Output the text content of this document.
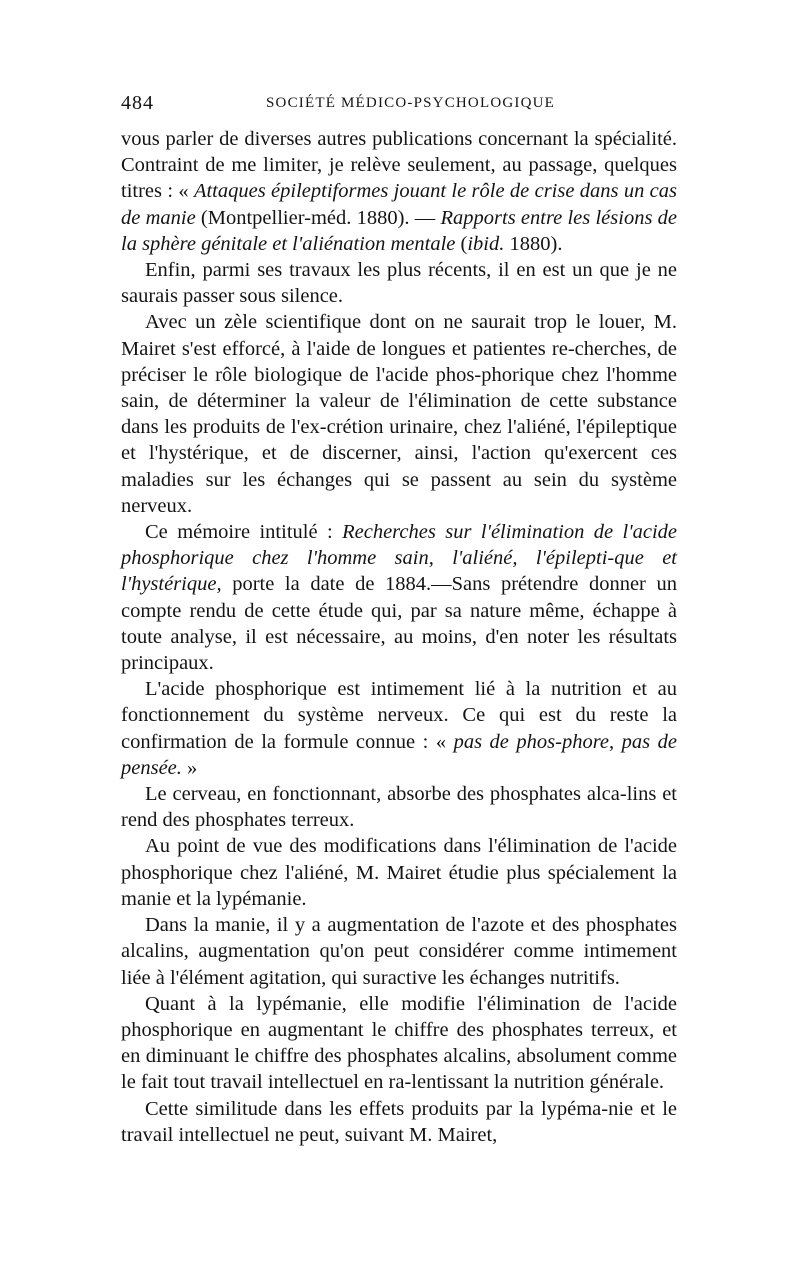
484	SOCIÉTÉ MÉDICO-PSYCHOLOGIQUE

vous parler de diverses autres publications concernant la spécialité. Contraint de me limiter, je relève seulement, au passage, quelques titres : « Attaques épileptiformes jouant le rôle de crise dans un cas de manie (Montpellier-méd. 1880). — Rapports entre les lésions de la sphère génitale et l'aliénation mentale (ibid. 1880).

Enfin, parmi ses travaux les plus récents, il en est un que je ne saurais passer sous silence.

Avec un zèle scientifique dont on ne saurait trop le louer, M. Mairet s'est efforcé, à l'aide de longues et patientes re-cherches, de préciser le rôle biologique de l'acide phos-phorique chez l'homme sain, de déterminer la valeur de l'élimination de cette substance dans les produits de l'ex-crétion urinaire, chez l'aliéné, l'épileptique et l'hystérique, et de discerner, ainsi, l'action qu'exercent ces maladies sur les échanges qui se passent au sein du système nerveux.

Ce mémoire intitulé : Recherches sur l'élimination de l'acide phosphorique chez l'homme sain, l'aliéné, l'épilepti-que et l'hystérique, porte la date de 1884.—Sans prétendre donner un compte rendu de cette étude qui, par sa nature même, échappe à toute analyse, il est nécessaire, au moins, d'en noter les résultats principaux.

L'acide phosphorique est intimement lié à la nutrition et au fonctionnement du système nerveux. Ce qui est du reste la confirmation de la formule connue : « pas de phos-phore, pas de pensée. »

Le cerveau, en fonctionnant, absorbe des phosphates alca-lins et rend des phosphates terreux.

Au point de vue des modifications dans l'élimination de l'acide phosphorique chez l'aliéné, M. Mairet étudie plus spécialement la manie et la lypémanie.

Dans la manie, il y a augmentation de l'azote et des phosphates alcalins, augmentation qu'on peut considérer comme intimement liée à l'élément agitation, qui suractive les échanges nutritifs.

Quant à la lypémanie, elle modifie l'élimination de l'acide phosphorique en augmentant le chiffre des phosphates terreux, et en diminuant le chiffre des phosphates alcalins, absolument comme le fait tout travail intellectuel en ra-lentissant la nutrition générale.

Cette similitude dans les effets produits par la lypéma-nie et le travail intellectuel ne peut, suivant M. Mairet,
